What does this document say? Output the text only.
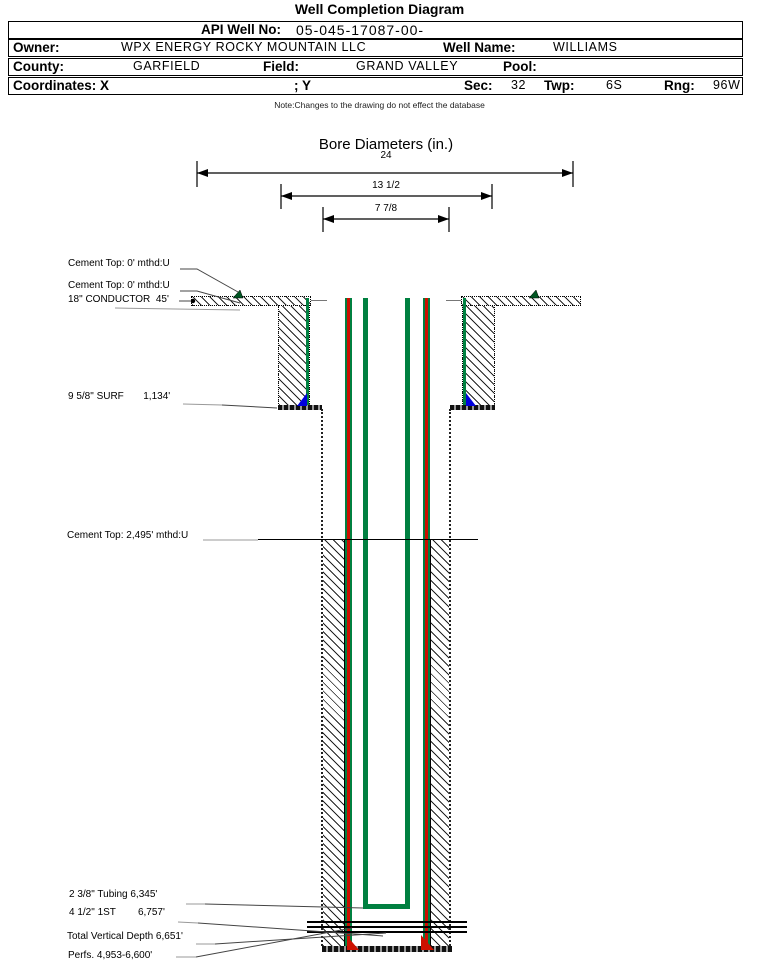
Well Completion Diagram
API Well No: 05-045-17087-00-
Owner:	WPX ENERGY ROCKY MOUNTAIN LLC	Well Name:	WILLIAMS
County:	GARFIELD	Field:	GRAND VALLEY	Pool:
Coordinates: X	; Y	Sec: 32 Twp:	6S	Rng: 96W
Note:Changes to the drawing do not effect the database
Bore Diameters (in.)
24
13 1/2
7 7/8
Cement Top: 0' mthd:U
Cement Top: 0' mthd:U
18" CONDUCTOR  45'
9 5/8" SURF       1,134'
Cement Top: 2,495' mthd:U
2 3/8" Tubing 6,345'
4 1/2" 1ST        6,757'
Total Vertical Depth 6,651'
Perfs. 4,953-6,600'
